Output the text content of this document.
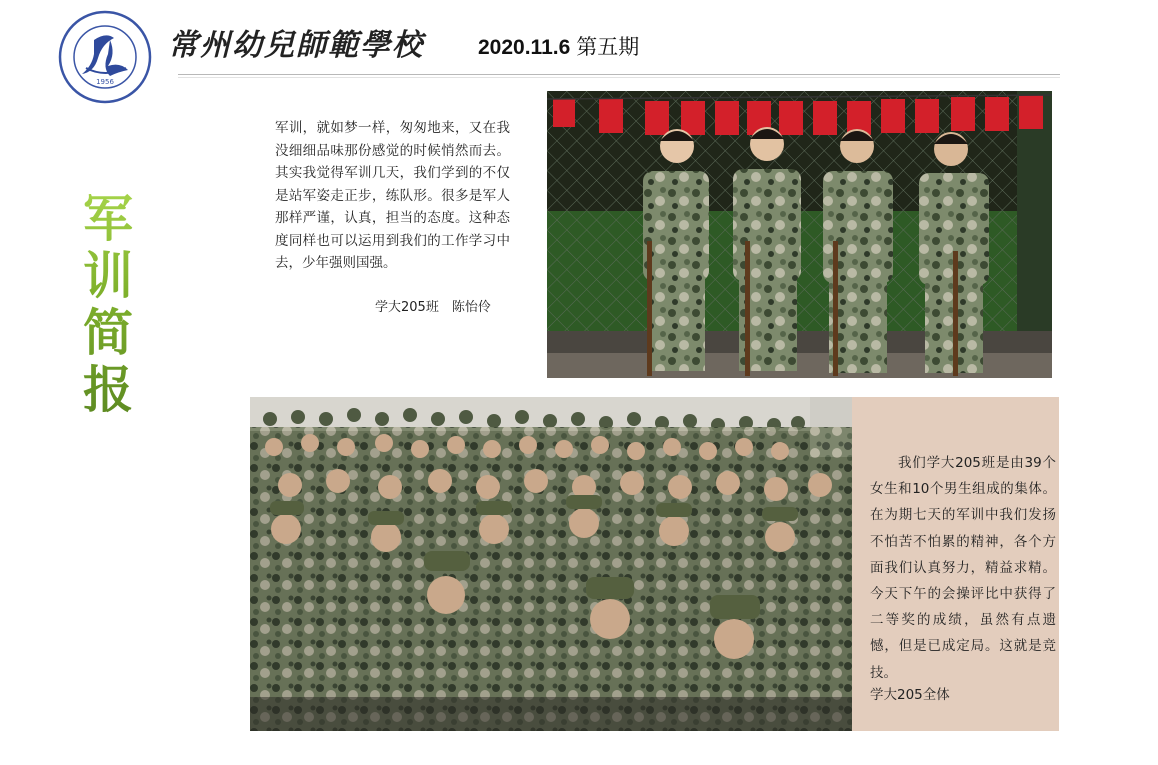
1956
常州幼兒師範學校	2020.11.6 第五期
军
训
简
报
军训，就如梦一样，匆匆地来，又在我没细细品味那份感觉的时候悄然而去。其实我觉得军训几天，我们学到的不仅是站军姿走正步，练队形。很多是军人那样严谨，认真，担当的态度。这种态度同样也可以运用到我们的工作学习中去，少年强则国强。
学大205班　陈怡伶
我们学大205班是由39个女生和10个男生组成的集体。在为期七天的军训中我们发扬不怕苦不怕累的精神，各个方面我们认真努力，精益求精。今天下午的会操评比中获得了二等奖的成绩，虽然有点遗憾，但是已成定局。这就是竞技。
学大205全体
